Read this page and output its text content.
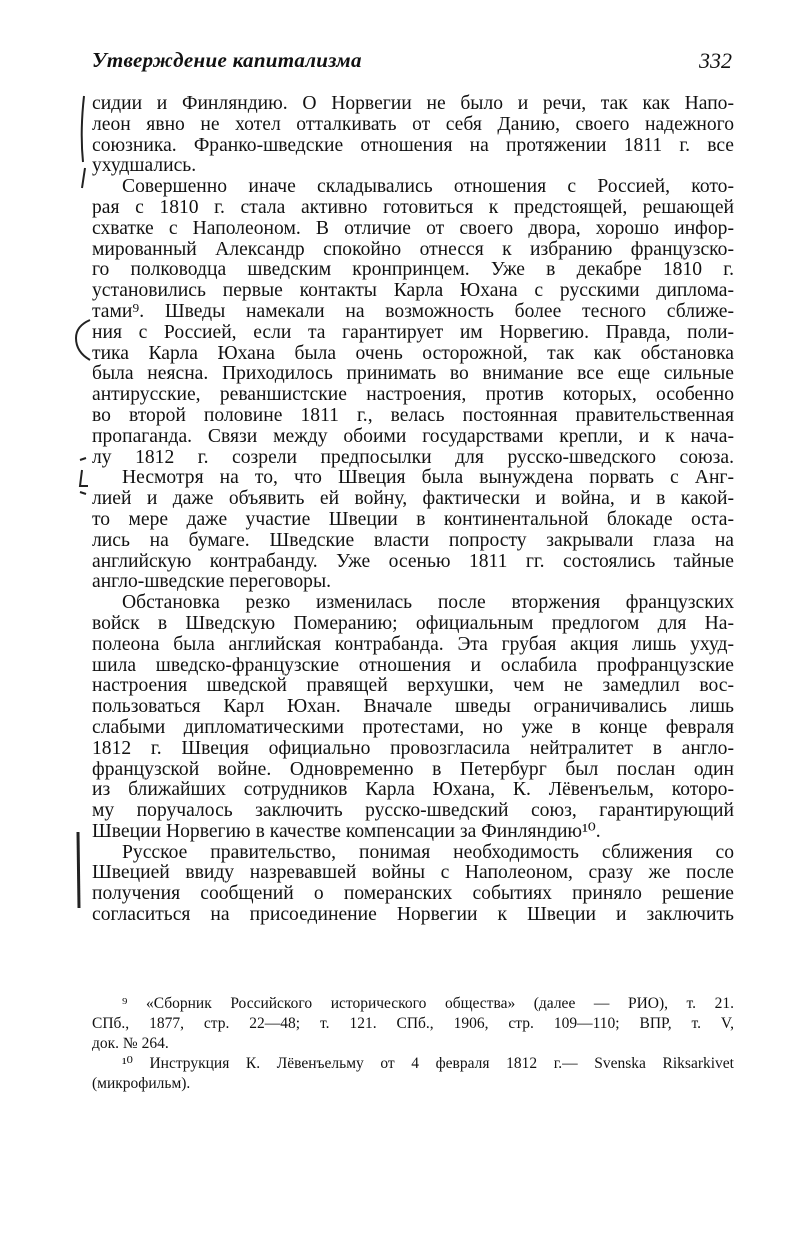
Утверждение капитализма	332
сидии и Финляндию. О Норвегии не было и речи, так как Напо-
леон явно не хотел отталкивать от себя Данию, своего надежного
союзника. Франко-шведские отношения на протяжении 1811 г. все
ухудшались.
Совершенно иначе складывались отношения с Россией, кото-
рая с 1810 г. стала активно готовиться к предстоящей, решающей
схватке с Наполеоном. В отличие от своего двора, хорошо инфор-
мированный Александр спокойно отнесся к избранию французско-
го полководца шведским кронпринцем. Уже в декабре 1810 г.
установились первые контакты Карла Юхана с русскими диплома-
тами⁹. Шведы намекали на возможность более тесного сближе-
ния с Россией, если та гарантирует им Норвегию. Правда, поли-
тика Карла Юхана была очень осторожной, так как обстановка
была неясна. Приходилось принимать во внимание все еще сильные
антирусские, реваншистские настроения, против которых, особенно
во второй половине 1811 г., велась постоянная правительственная
пропаганда. Связи между обоими государствами крепли, и к нача-
лу 1812 г. созрели предпосылки для русско-шведского союза.
Несмотря на то, что Швеция была вынуждена порвать с Анг-
лией и даже объявить ей войну, фактически и война, и в какой-
то мере даже участие Швеции в континентальной блокаде оста-
лись на бумаге. Шведские власти попросту закрывали глаза на
английскую контрабанду. Уже осенью 1811 гг. состоялись тайные
англо-шведские переговоры.
Обстановка резко изменилась после вторжения французских
войск в Шведскую Померанию; официальным предлогом для На-
полеона была английская контрабанда. Эта грубая акция лишь ухуд-
шила шведско-французские отношения и ослабила профранцузские
настроения шведской правящей верхушки, чем не замедлил вос-
пользоваться Карл Юхан. Вначале шведы ограничивались лишь
слабыми дипломатическими протестами, но уже в конце февраля
1812 г. Швеция официально провозгласила нейтралитет в англо-
французской войне. Одновременно в Петербург был послан один
из ближайших сотрудников Карла Юхана, К. Лёвенъельм, которо-
му поручалось заключить русско-шведский союз, гарантирующий
Швеции Норвегию в качестве компенсации за Финляндию¹⁰.
Русское правительство, понимая необходимость сближения со
Швецией ввиду назревавшей войны с Наполеоном, сразу же после
получения сообщений о померанских событиях приняло решение
согласиться на присоединение Норвегии к Швеции и заключить
⁹ «Сборник Российского исторического общества» (далее — РИО), т. 21.
СПб., 1877, стр. 22—48; т. 121. СПб., 1906, стр. 109—110; ВПР, т. V,
док. № 264.
¹⁰ Инструкция К. Лёвенъельму от 4 февраля 1812 г.— Svenska Riksarkivet
(микрофильм).
